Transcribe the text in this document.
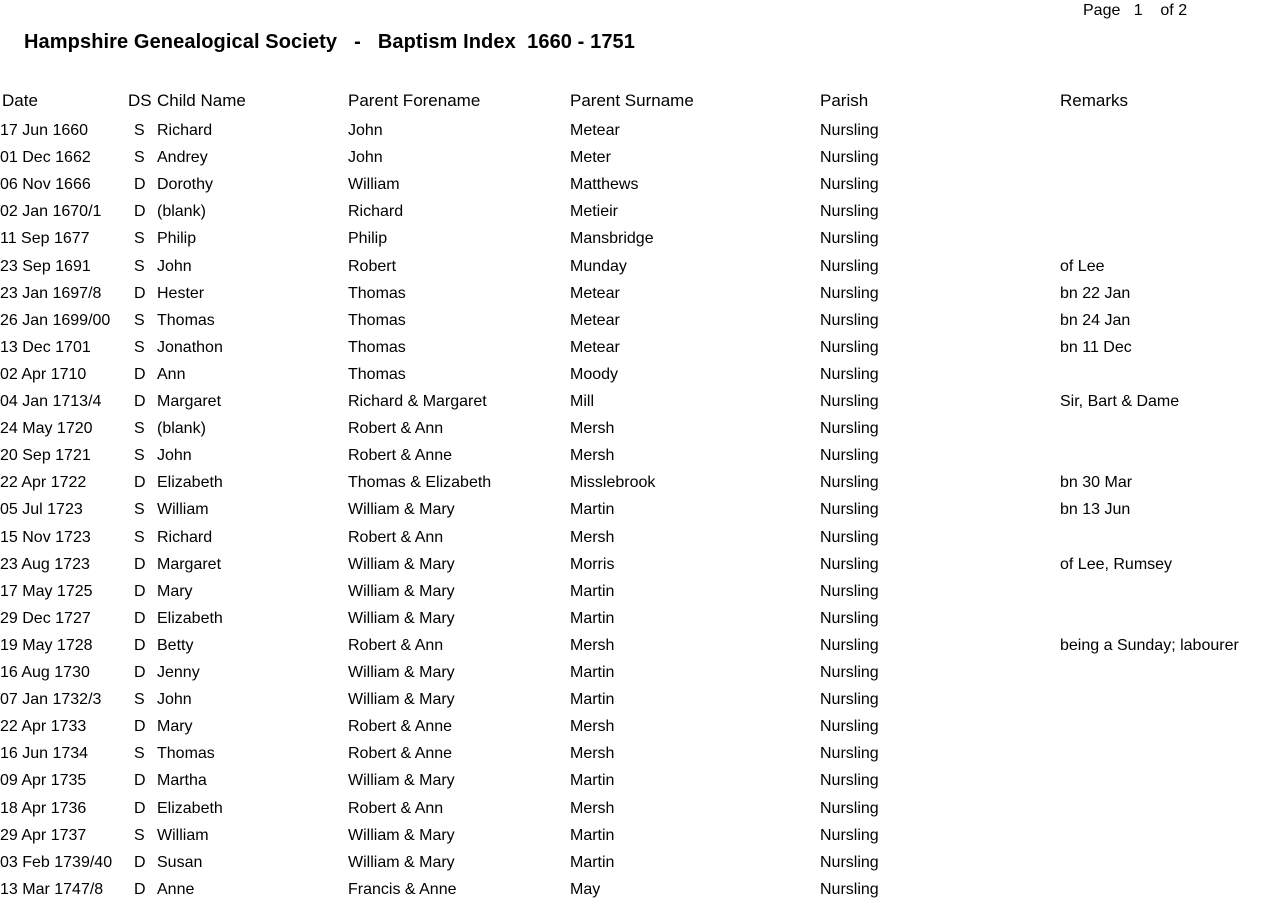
Page 1 of 2
Hampshire Genealogical Society   -   Baptism Index  1660 - 1751
Date	DS Child Name	Parent Forename	Parent Surname	Parish	Remarks
17 Jun 1660	S Richard	John	Metear	Nursling
01 Dec 1662	S Andrey	John	Meter	Nursling
06 Nov 1666	D Dorothy	William	Matthews	Nursling
02 Jan 1670/1 D (blank)	Richard	Metieir	Nursling
11 Sep 1677	S Philip	Philip	Mansbridge	Nursling
23 Sep 1691	S John	Robert	Munday	Nursling	of Lee
23 Jan 1697/8 D Hester	Thomas	Metear	Nursling	bn 22 Jan
26 Jan 1699/00 S Thomas	Thomas	Metear	Nursling	bn 24 Jan
13 Dec 1701	S Jonathon	Thomas	Metear	Nursling	bn 11 Dec
02 Apr 1710	D Ann	Thomas	Moody	Nursling
04 Jan 1713/4 D Margaret	Richard & Margaret	Mill	Nursling	Sir, Bart & Dame
24 May 1720	S (blank)	Robert & Ann	Mersh	Nursling
20 Sep 1721	S John	Robert & Anne	Mersh	Nursling
22 Apr 1722	D Elizabeth	Thomas & Elizabeth	Misslebrook	Nursling	bn 30 Mar
05 Jul 1723	S William	William & Mary	Martin	Nursling	bn 13 Jun
15 Nov 1723	S Richard	Robert & Ann	Mersh	Nursling
23 Aug 1723	D Margaret	William & Mary	Morris	Nursling	of Lee, Rumsey
17 May 1725	D Mary	William & Mary	Martin	Nursling
29 Dec 1727	D Elizabeth	William & Mary	Martin	Nursling
19 May 1728	D Betty	Robert & Ann	Mersh	Nursling	being a Sunday; labourer
16 Aug 1730	D Jenny	William & Mary	Martin	Nursling
07 Jan 1732/3 S John	William & Mary	Martin	Nursling
22 Apr 1733	D Mary	Robert & Anne	Mersh	Nursling
16 Jun 1734	S Thomas	Robert & Anne	Mersh	Nursling
09 Apr 1735	D Martha	William & Mary	Martin	Nursling
18 Apr 1736	D Elizabeth	Robert & Ann	Mersh	Nursling
29 Apr 1737	S William	William & Mary	Martin	Nursling
03 Feb 1739/40 D Susan	William & Mary	Martin	Nursling
13 Mar 1747/8 D Anne	Francis & Anne	May	Nursling
